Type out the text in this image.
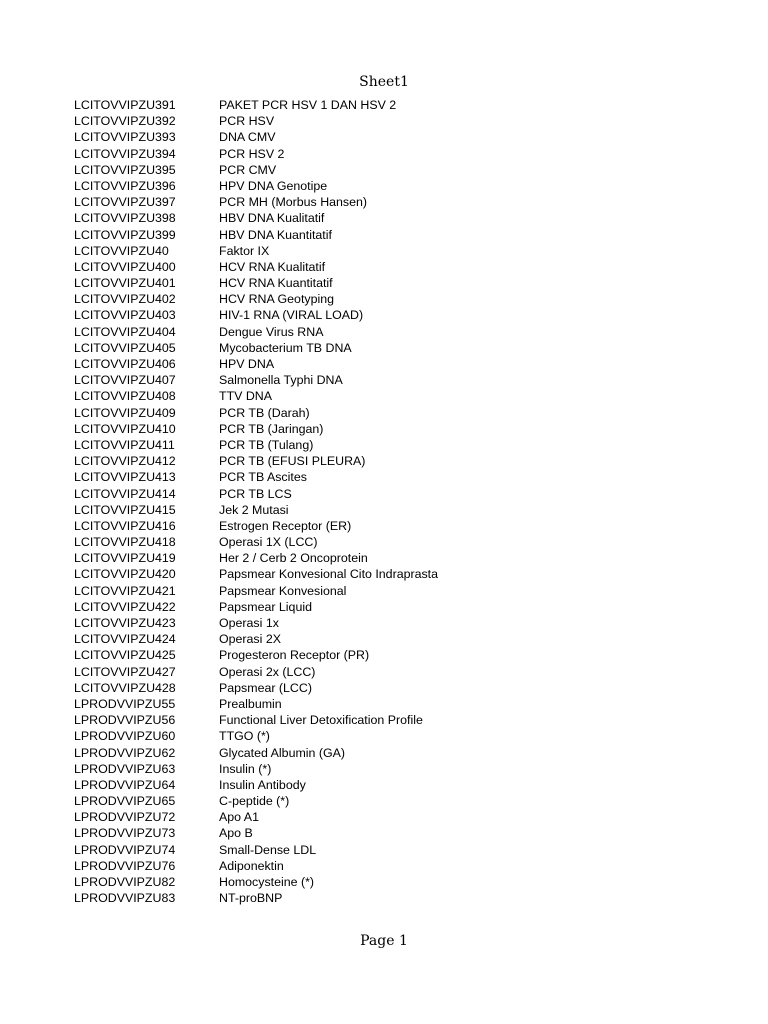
Sheet1
LCITOVVIPZU391	PAKET PCR HSV 1 DAN HSV 2
LCITOVVIPZU392	PCR HSV
LCITOVVIPZU393	DNA CMV
LCITOVVIPZU394	PCR HSV 2
LCITOVVIPZU395	PCR CMV
LCITOVVIPZU396	HPV DNA Genotipe
LCITOVVIPZU397	PCR MH (Morbus Hansen)
LCITOVVIPZU398	HBV DNA Kualitatif
LCITOVVIPZU399	HBV DNA Kuantitatif
LCITOVVIPZU40	Faktor IX
LCITOVVIPZU400	HCV RNA Kualitatif
LCITOVVIPZU401	HCV RNA Kuantitatif
LCITOVVIPZU402	HCV RNA Geotyping
LCITOVVIPZU403	HIV-1 RNA (VIRAL LOAD)
LCITOVVIPZU404	Dengue Virus RNA
LCITOVVIPZU405	Mycobacterium TB DNA
LCITOVVIPZU406	HPV DNA
LCITOVVIPZU407	Salmonella Typhi DNA
LCITOVVIPZU408	TTV DNA
LCITOVVIPZU409	PCR TB (Darah)
LCITOVVIPZU410	PCR TB (Jaringan)
LCITOVVIPZU411	PCR TB (Tulang)
LCITOVVIPZU412	PCR TB (EFUSI PLEURA)
LCITOVVIPZU413	PCR TB Ascites
LCITOVVIPZU414	PCR TB LCS
LCITOVVIPZU415	Jek 2 Mutasi
LCITOVVIPZU416	Estrogen Receptor (ER)
LCITOVVIPZU418	Operasi 1X (LCC)
LCITOVVIPZU419	Her 2 / Cerb 2 Oncoprotein
LCITOVVIPZU420	Papsmear Konvesional Cito Indraprasta
LCITOVVIPZU421	Papsmear Konvesional
LCITOVVIPZU422	Papsmear Liquid
LCITOVVIPZU423	Operasi 1x
LCITOVVIPZU424	Operasi 2X
LCITOVVIPZU425	Progesteron Receptor (PR)
LCITOVVIPZU427	Operasi 2x (LCC)
LCITOVVIPZU428	Papsmear (LCC)
LPRODVVIPZU55	Prealbumin
LPRODVVIPZU56	Functional Liver Detoxification Profile
LPRODVVIPZU60	TTGO (*)
LPRODVVIPZU62	Glycated Albumin (GA)
LPRODVVIPZU63	Insulin (*)
LPRODVVIPZU64	Insulin Antibody
LPRODVVIPZU65	C-peptide (*)
LPRODVVIPZU72	Apo A1
LPRODVVIPZU73	Apo B
LPRODVVIPZU74	Small-Dense LDL
LPRODVVIPZU76	Adiponektin
LPRODVVIPZU82	Homocysteine (*)
LPRODVVIPZU83	NT-proBNP
Page 1
